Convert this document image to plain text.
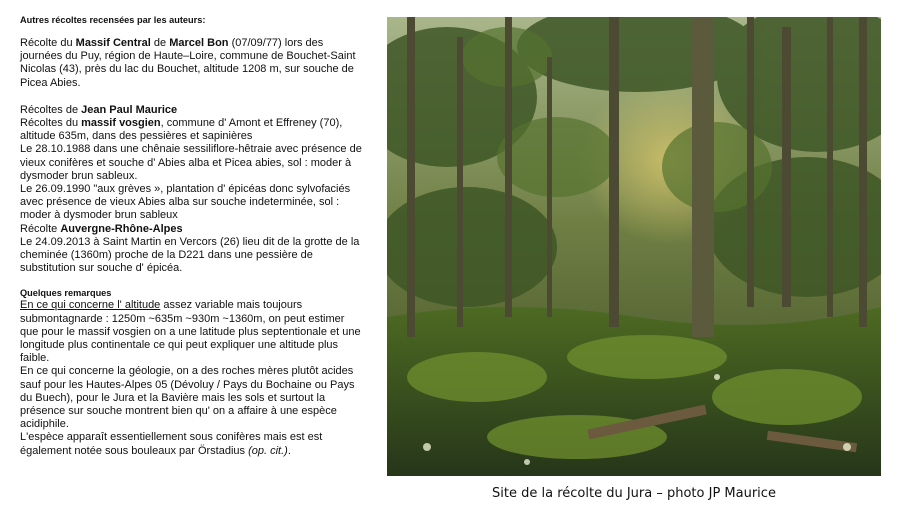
Autres récoltes recensées par les auteurs:

Récolte du Massif Central de Marcel Bon (07/09/77) lors des journées du Puy, région de Haute–Loire, commune de Bouchet-Saint Nicolas (43), près du lac du Bouchet, altitude 1208 m, sur souche de Picea Abies.

Récoltes de Jean Paul Maurice

Récoltes du massif vosgien, commune d' Amont et Effreney (70), altitude 635m, dans des pessières et sapinières

Le 28.10.1988 dans une chênaie sessiliflore-hêtraie avec présence de vieux conifères et souche d' Abies alba et Picea abies, sol : moder à dysmoder brun sableux.

Le 26.09.1990 "aux grèves », plantation d' épicéas donc sylvofaciés avec présence de vieux Abies alba sur souche indeterminée, sol : moder à dysmoder brun sableux

Récolte Auvergne-Rhône-Alpes

Le 24.09.2013 à Saint Martin en Vercors (26) lieu dit de la grotte de la cheminée (1360m) proche de la D221 dans une pessière de substitution sur souche d' épicéa.

Quelques remarques

En ce qui concerne l' altitude assez variable mais toujours submontagnarde : 1250m ~635m ~930m ~1360m, on peut estimer que pour le massif vosgien on a une latitude plus septentionale et une longitude plus continentale ce qui peut expliquer une altitude plus faible.

En ce qui concerne la géologie, on a des roches mères plutôt acides sauf pour les Hautes-Alpes 05 (Dévoluy / Pays du Bochaine ou Pays du Buech), pour le Jura et la Bavière mais les sols et surtout la présence sur souche montrent bien qu' on a affaire à une espèce acidiphile.

L'espèce apparaît essentiellement sous conifères mais est est également notée sous bouleaux par Örstadius (op. cit.).

Site de la récolte du Jura – photo JP Maurice
